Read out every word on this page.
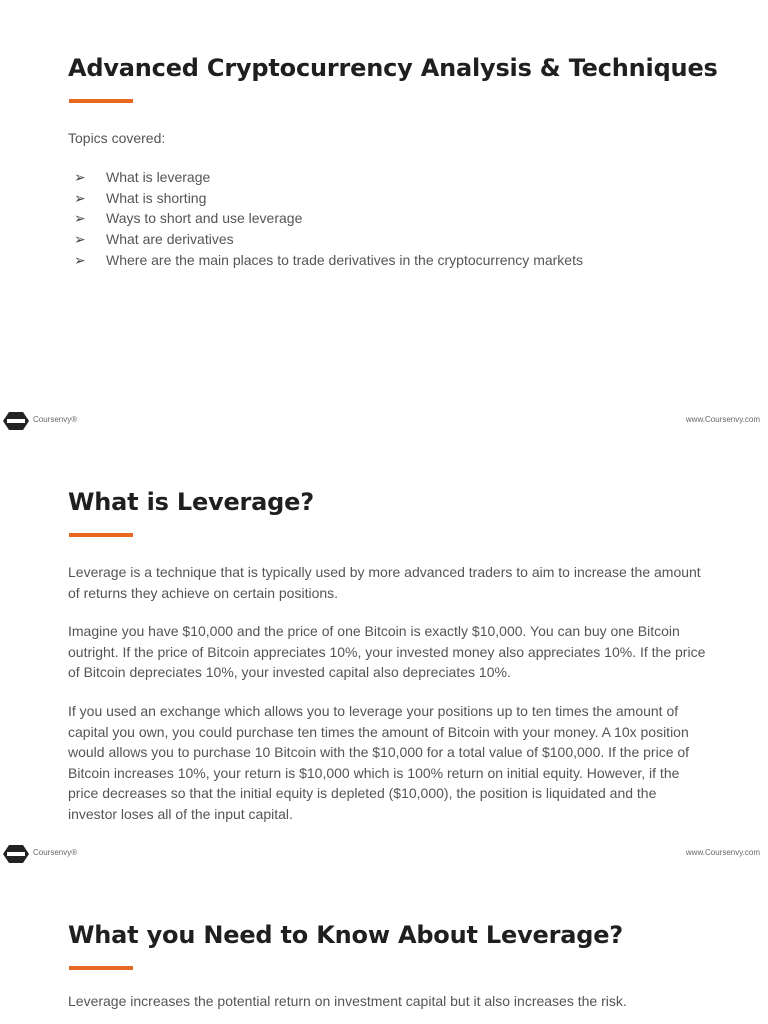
Advanced Cryptocurrency Analysis & Techniques
Topics covered:
➢	What is leverage
➢	What is shorting
➢	Ways to short and use leverage
➢	What are derivatives
➢	Where are the main places to trade derivatives in the cryptocurrency markets
Coursenvy®	www.Coursenvy.com
What is Leverage?

Leverage is a technique that is typically used by more advanced traders to aim to increase the amount of returns they achieve on certain positions.

Imagine you have $10,000 and the price of one Bitcoin is exactly $10,000. You can buy one Bitcoin outright. If the price of Bitcoin appreciates 10%, your invested money also appreciates 10%. If the price of Bitcoin depreciates 10%, your invested capital also depreciates 10%.

If you used an exchange which allows you to leverage your positions up to ten times the amount of capital you own, you could purchase ten times the amount of Bitcoin with your money. A 10x position would allows you to purchase 10 Bitcoin with the $10,000 for a total value of $100,000. If the price of Bitcoin increases 10%, your return is $10,000 which is 100% return on initial equity. However, if the price decreases so that the initial equity is depleted ($10,000), the position is liquidated and the investor loses all of the input capital.

Coursenvy®	www.Coursenvy.com
What you Need to Know About Leverage?

Leverage increases the potential return on investment capital but it also increases the risk.
